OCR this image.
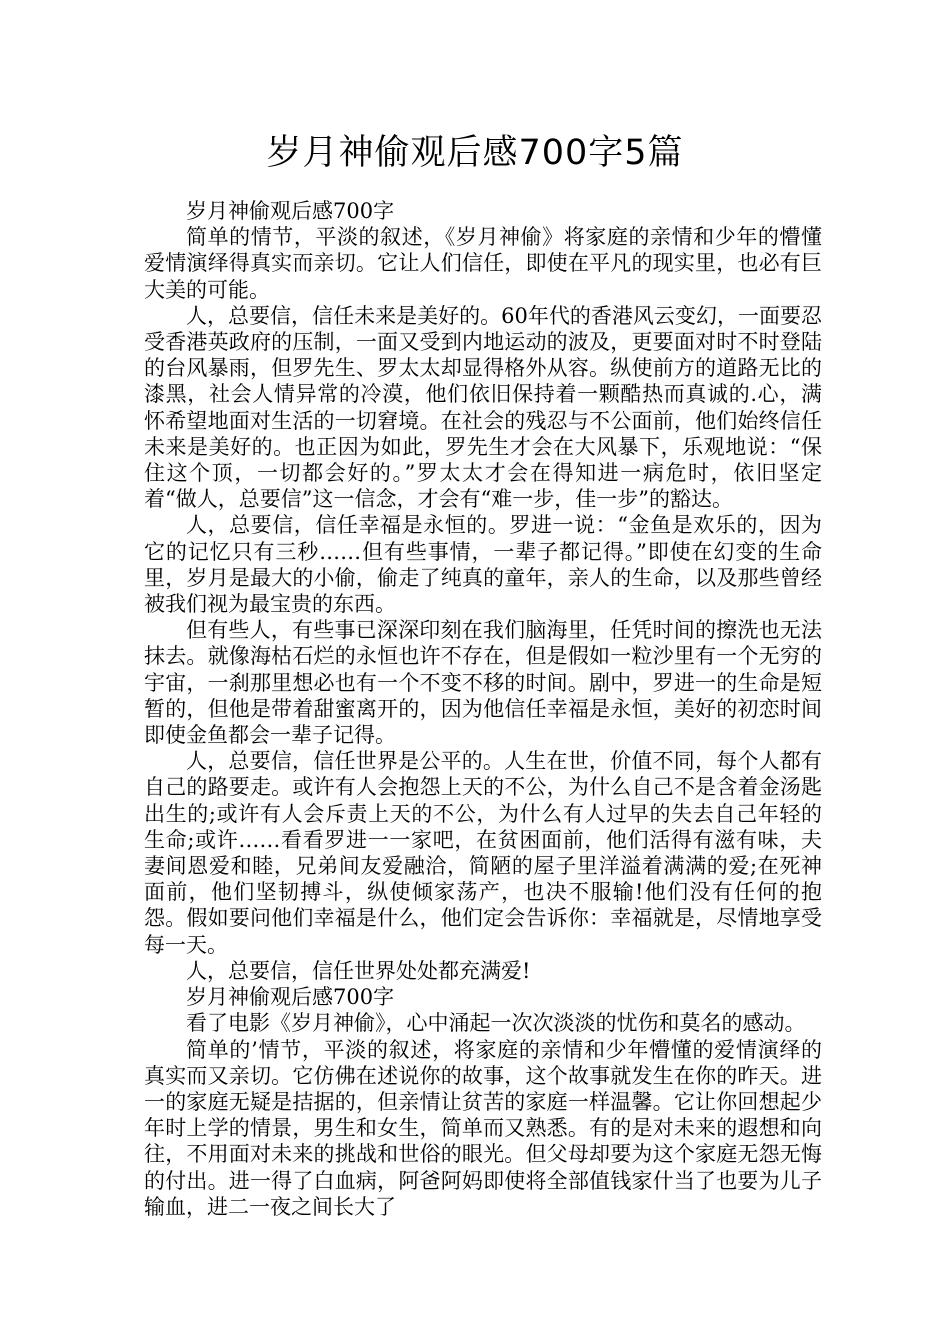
岁月神偷观后感700字5篇

岁月神偷观后感700字

简单的情节，平淡的叙述，《岁月神偷》将家庭的亲情和少年的懵懂爱情演绎得真实而亲切。它让人们信任，即使在平凡的现实里，也必有巨大美的可能。

人，总要信，信任未来是美好的。60年代的香港风云变幻，一面要忍受香港英政府的压制，一面又受到内地运动的波及，更要面对时不时登陆的台风暴雨，但罗先生、罗太太却显得格外从容。纵使前方的道路无比的漆黑，社会人情异常的冷漠，他们依旧保持着一颗酷热而真诚的.心，满怀希望地面对生活的一切窘境。在社会的残忍与不公面前，他们始终信任未来是美好的。也正因为如此，罗先生才会在大风暴下，乐观地说：“保住这个顶，一切都会好的。”罗太太才会在得知进一病危时，依旧坚定着“做人，总要信”这一信念，才会有“难一步，佳一步”的豁达。

人，总要信，信任幸福是永恒的。罗进一说：“金鱼是欢乐的，因为它的记忆只有三秒……但有些事情，一辈子都记得。”即使在幻变的生命里，岁月是最大的小偷，偷走了纯真的童年，亲人的生命，以及那些曾经被我们视为最宝贵的东西。

但有些人，有些事已深深印刻在我们脑海里，任凭时间的擦洗也无法抹去。就像海枯石烂的永恒也许不存在，但是假如一粒沙里有一个无穷的宇宙，一刹那里想必也有一个不变不移的时间。剧中，罗进一的生命是短暂的，但他是带着甜蜜离开的，因为他信任幸福是永恒，美好的初恋时间即使金鱼都会一辈子记得。

人，总要信，信任世界是公平的。人生在世，价值不同，每个人都有自己的路要走。或许有人会抱怨上天的不公，为什么自己不是含着金汤匙出生的;或许有人会斥责上天的不公，为什么有人过早的失去自己年轻的生命;或许……看看罗进一一家吧，在贫困面前，他们活得有滋有味，夫妻间恩爱和睦，兄弟间友爱融洽，简陋的屋子里洋溢着满满的爱;在死神面前，他们坚韧搏斗，纵使倾家荡产，也决不服输!他们没有任何的抱怨。假如要问他们幸福是什么，他们定会告诉你：幸福就是，尽情地享受每一天。

人，总要信，信任世界处处都充满爱!

岁月神偷观后感700字

看了电影《岁月神偷》，心中涌起一次次淡淡的忧伤和莫名的感动。

简单的’情节，平淡的叙述，将家庭的亲情和少年懵懂的爱情演绎的真实而又亲切。它仿佛在述说你的故事，这个故事就发生在你的昨天。进一的家庭无疑是拮据的，但亲情让贫苦的家庭一样温馨。它让你回想起少年时上学的情景，男生和女生，简单而又熟悉。有的是对未来的遐想和向往，不用面对未来的挑战和世俗的眼光。但父母却要为这个家庭无怨无悔的付出。进一得了白血病，阿爸阿妈即使将全部值钱家什当了也要为儿子输血，进二一夜之间长大了
